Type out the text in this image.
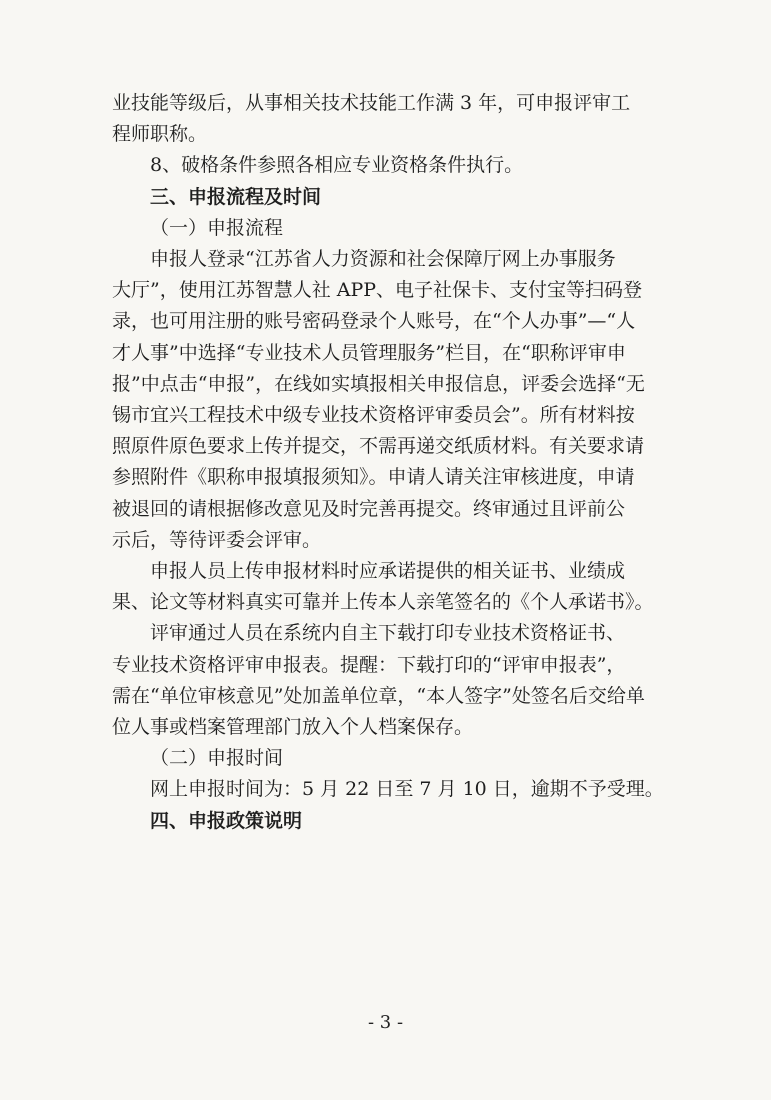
业技能等级后，从事相关技术技能工作满 3 年，可申报评审工
程师职称。
8、破格条件参照各相应专业资格条件执行。
三、申报流程及时间
（一）申报流程
申报人登录“江苏省人力资源和社会保障厅网上办事服务
大厅”，使用江苏智慧人社 APP、电子社保卡、支付宝等扫码登
录，也可用注册的账号密码登录个人账号，在“个人办事”—“人
才人事”中选择“专业技术人员管理服务”栏目，在“职称评审申
报”中点击“申报”，在线如实填报相关申报信息，评委会选择“无
锡市宜兴工程技术中级专业技术资格评审委员会”。所有材料按
照原件原色要求上传并提交，不需再递交纸质材料。有关要求请
参照附件《职称申报填报须知》。申请人请关注审核进度，申请
被退回的请根据修改意见及时完善再提交。终审通过且评前公
示后，等待评委会评审。
申报人员上传申报材料时应承诺提供的相关证书、业绩成
果、论文等材料真实可靠并上传本人亲笔签名的《个人承诺书》。
评审通过人员在系统内自主下载打印专业技术资格证书、
专业技术资格评审申报表。提醒：下载打印的“评审申报表”，
需在“单位审核意见”处加盖单位章，“本人签字”处签名后交给单
位人事或档案管理部门放入个人档案保存。
（二）申报时间
网上申报时间为：5 月 22 日至 7 月 10 日，逾期不予受理。
四、申报政策说明
- 3 -
